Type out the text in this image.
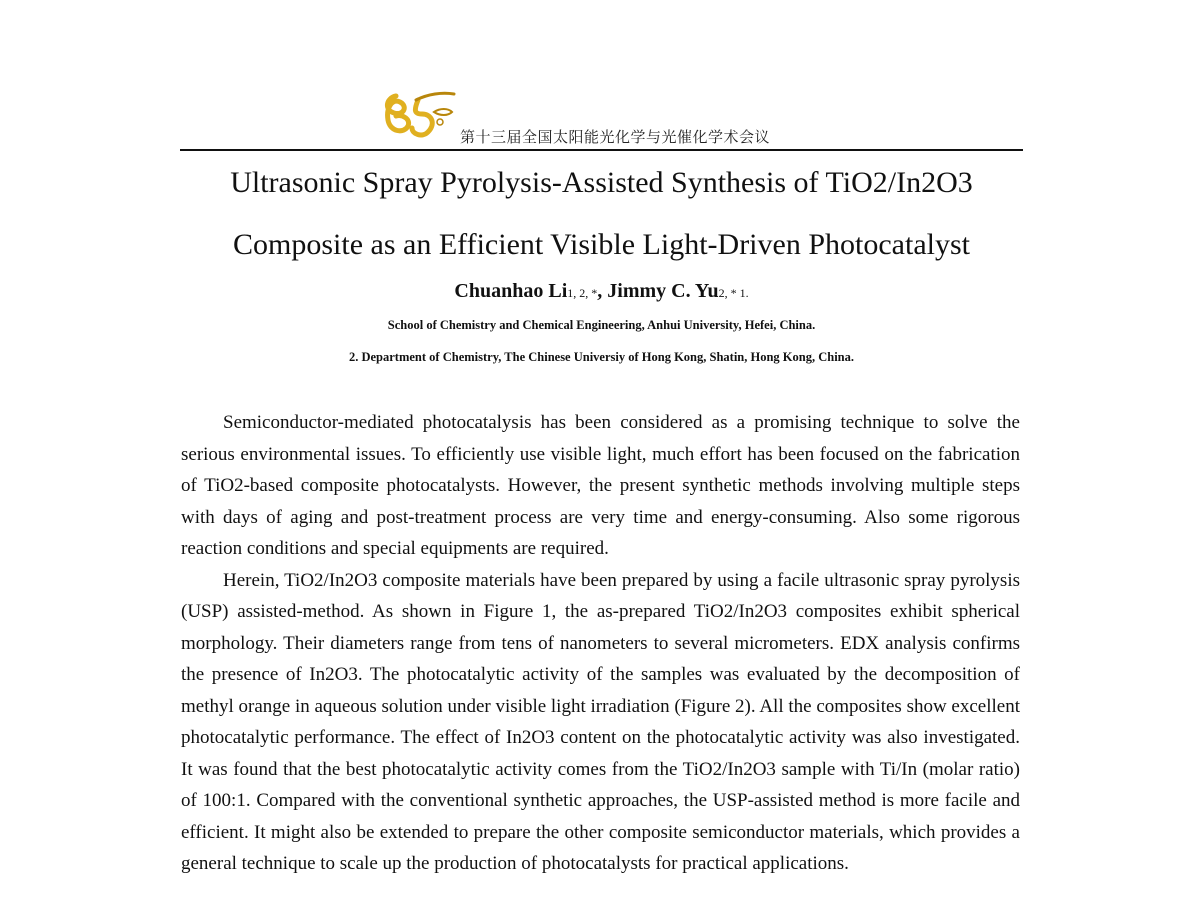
第十三届全国太阳能光化学与光催化学术会议
Ultrasonic Spray Pyrolysis-Assisted Synthesis of TiO2/In2O3
Composite as an Efficient Visible Light-Driven Photocatalyst
Chuanhao Li1, 2, *, Jimmy C. Yu2, * 1.
School of Chemistry and Chemical Engineering, Anhui University, Hefei, China.
2. Department of Chemistry, The Chinese Universiy of Hong Kong, Shatin, Hong Kong, China.

Semiconductor-mediated photocatalysis has been considered as a promising technique to solve the serious environmental issues. To efficiently use visible light, much effort has been focused on the fabrication of TiO2-based composite photocatalysts. However, the present synthetic methods involving multiple steps with days of aging and post-treatment process are very time and energy-consuming. Also some rigorous reaction conditions and special equipments are required.

Herein, TiO2/In2O3 composite materials have been prepared by using a facile ultrasonic spray pyrolysis (USP) assisted-method. As shown in Figure 1, the as-prepared TiO2/In2O3 composites exhibit spherical morphology. Their diameters range from tens of nanometers to several micrometers. EDX analysis confirms the presence of In2O3. The photocatalytic activity of the samples was evaluated by the decomposition of methyl orange in aqueous solution under visible light irradiation (Figure 2). All the composites show excellent photocatalytic performance. The effect of In2O3 content on the photocatalytic activity was also investigated. It was found that the best photocatalytic activity comes from the TiO2/In2O3 sample with Ti/In (molar ratio) of 100:1. Compared with the conventional synthetic approaches, the USP-assisted method is more facile and efficient. It might also be extended to prepare the other composite semiconductor materials, which provides a general technique to scale up the production of photocatalysts for practical applications.
